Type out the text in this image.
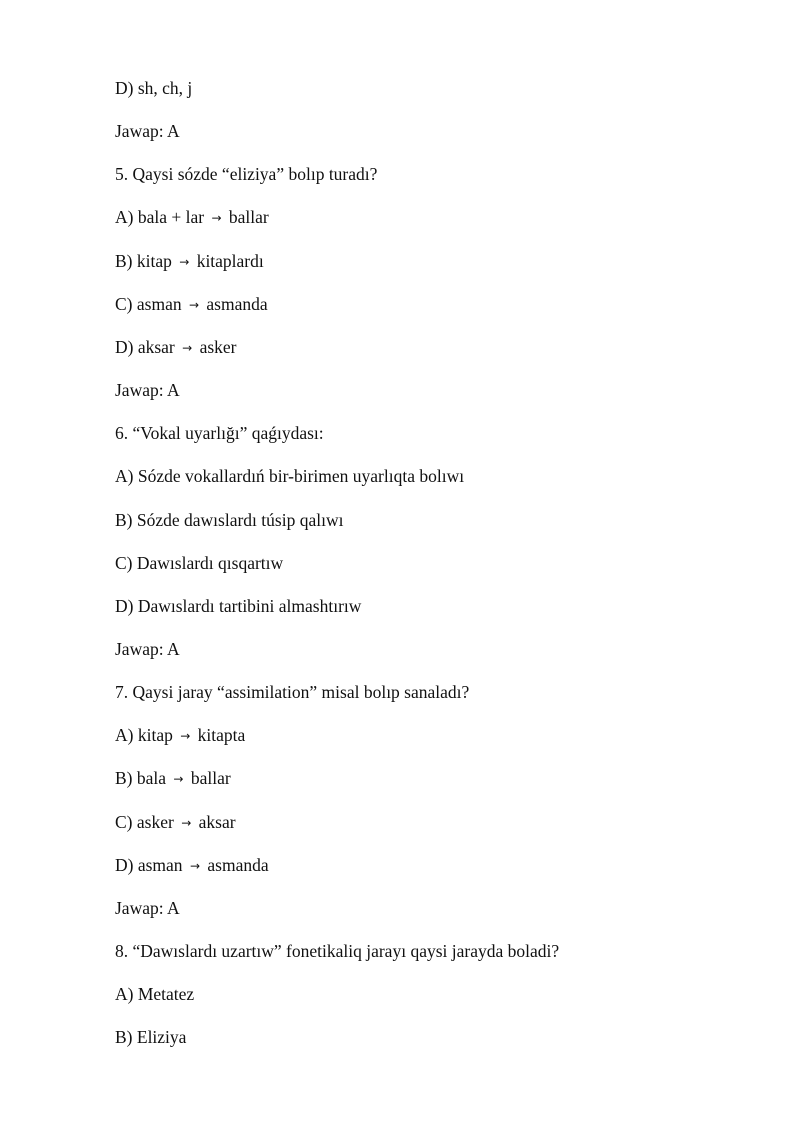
D) sh, ch, j
Jawap: A
5. Qaysi sózde “eliziya” bolıp turadı?
A) bala + lar → ballar
B) kitap → kitaplardı
C) asman → asmanda
D) aksar → asker
Jawap: A
6. “Vokal uyarlığı” qaǵıydası:
A) Sózde vokallardıń bir-birimen uyarlıqta bolıwı
B) Sózde dawıslardı túsip qalıwı
C) Dawıslardı qısqartıw
D) Dawıslardı tartibini almashtırıw
Jawap: A
7. Qaysi jaray “assimilation” misal bolıp sanaladı?
A) kitap → kitapta
B) bala → ballar
C) asker → aksar
D) asman → asmanda
Jawap: A
8. “Dawıslardı uzartıw” fonetikaliq jarayı qaysi jarayda boladi?
A) Metatez
B) Eliziya
